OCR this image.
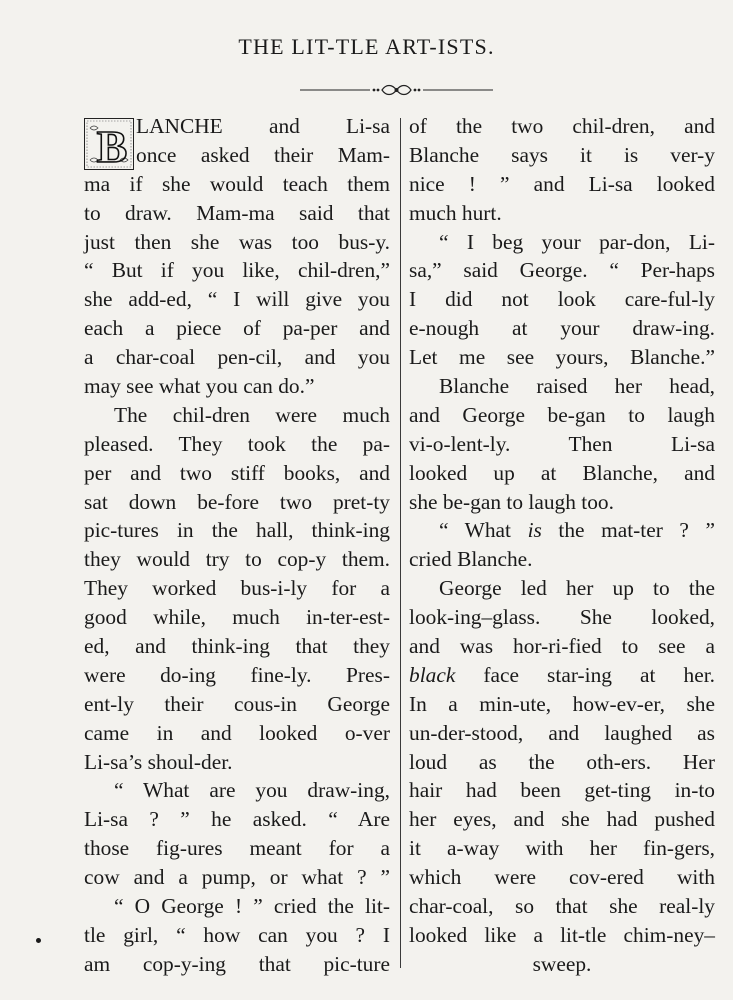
THE LIT-TLE ART-ISTS.
B LANCHE and Li-sa
once asked their Mam-
ma if she would teach them
to draw. Mam-ma said that
just then she was too bus-y.
“ But if you like, chil-dren,”
she add-ed, “ I will give you
each a piece of pa-per and
a char-coal pen-cil, and you
may see what you can do.”
The chil-dren were much
pleased. They took the pa-
per and two stiff books, and
sat down be-fore two pret-ty
pic-tures in the hall, think-ing
they would try to cop-y them.
They worked bus-i-ly for a
good while, much in-ter-est-
ed, and think-ing that they
were do-ing fine-ly. Pres-
ent-ly their cous-in George
came in and looked o-ver
Li-sa’s shoul-der.
“ What are you draw-ing,
Li-sa ? ” he asked. “ Are
those fig-ures meant for a
cow and a pump, or what ? ”
“ O George ! ” cried the lit-
tle girl, “ how can you ? I
am cop-y-ing that pic-ture
of the two chil-dren, and
Blanche says it is ver-y
nice ! ” and Li-sa looked
much hurt.
“ I beg your par-don, Li-
sa,” said George. “ Per-haps
I did not look care-ful-ly
e-nough at your draw-ing.
Let me see yours, Blanche.”
Blanche raised her head,
and George be-gan to laugh
vi-o-lent-ly. Then Li-sa
looked up at Blanche, and
she be-gan to laugh too.
“ What is the mat-ter ? ”
cried Blanche.
George led her up to the
look-ing–glass. She looked,
and was hor-ri-fied to see a
black face star-ing at her.
In a min-ute, how-ev-er, she
un-der-stood, and laughed as
loud as the oth-ers. Her
hair had been get-ting in-to
her eyes, and she had pushed
it a-way with her fin-gers,
which were cov-ered with
char-coal, so that she real-ly
looked like a lit-tle chim-ney–
sweep.
